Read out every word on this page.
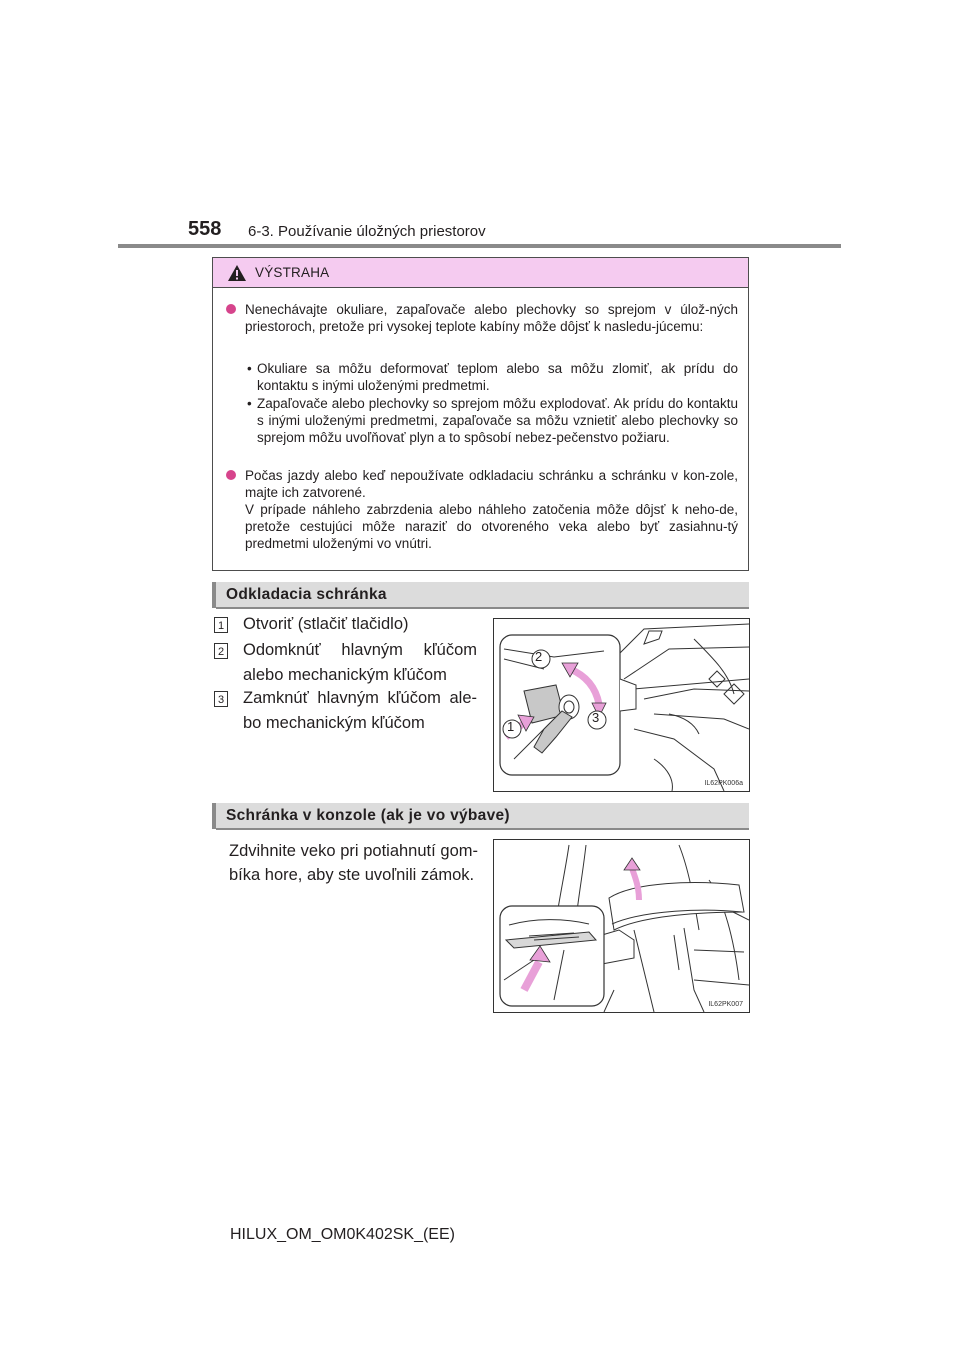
558 6-3. Používanie úložných priestorov
VÝSTRAHA
Nenechávajte okuliare, zapaľovače alebo plechovky so sprejom v úlož-ných priestoroch, pretože pri vysokej teplote kabíny môže dôjsť k nasledu-júcemu:
• Okuliare sa môžu deformovať teplom alebo sa môžu zlomiť, ak prídu do kontaktu s inými uloženými predmetmi.
• Zapaľovače alebo plechovky so sprejom môžu explodovať. Ak prídu do kontaktu s inými uloženými predmetmi, zapaľovače sa môžu vznietiť alebo plechovky so sprejom môžu uvoľňovať plyn a to spôsobí nebez-pečenstvo požiaru.
Počas jazdy alebo keď nepoužívate odkladaciu schránku a schránku v kon-zole, majte ich zatvorené.
V prípade náhleho zabrzdenia alebo náhleho zatočenia môže dôjsť k neho-de, pretože cestujúci môže naraziť do otvoreného veka alebo byť zasiahnu-tý predmetmi uloženými vo vnútri.
Odkladacia schránka
1 Otvoriť (stlačiť tlačidlo)
2 Odomknúť hlavným kľúčom alebo mechanickým kľúčom
3 Zamknúť hlavným kľúčom ale-bo mechanickým kľúčom
2
1
3
IL62PK006a
Schránka v konzole (ak je vo výbave)
Zdvihnite veko pri potiahnutí gom-bíka hore, aby ste uvoľnili zámok.
IL62PK007
HILUX_OM_OM0K402SK_(EE)
